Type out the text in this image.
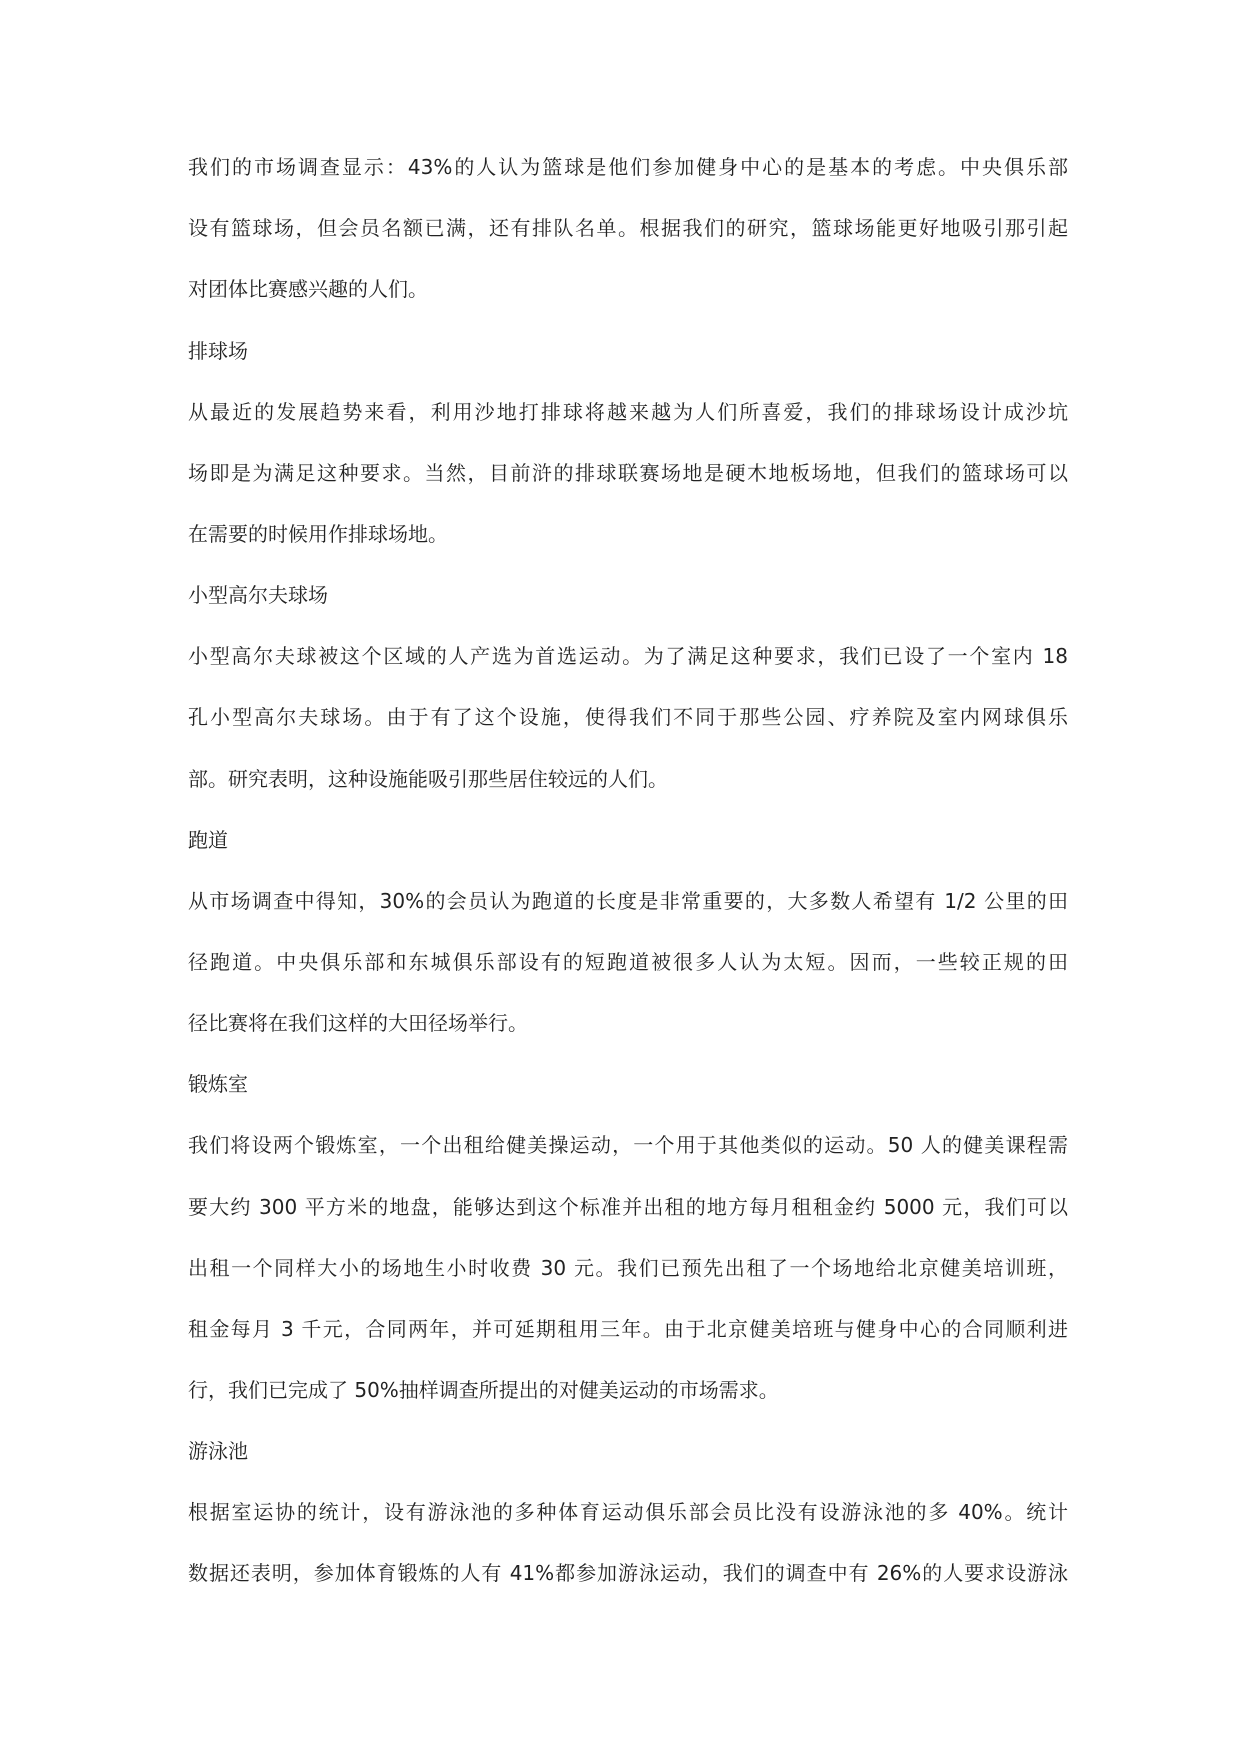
我们的市场调查显示：43%的人认为篮球是他们参加健身中心的是基本的考虑。中央俱乐部

设有篮球场，但会员名额已满，还有排队名单。根据我们的研究，篮球场能更好地吸引那引起

对团体比赛感兴趣的人们。

排球场

从最近的发展趋势来看，利用沙地打排球将越来越为人们所喜爱，我们的排球场设计成沙坑

场即是为满足这种要求。当然，目前浒的排球联赛场地是硬木地板场地，但我们的篮球场可以

在需要的时候用作排球场地。

小型高尔夫球场

小型高尔夫球被这个区域的人产选为首选运动。为了满足这种要求，我们已设了一个室内 18

孔小型高尔夫球场。由于有了这个设施，使得我们不同于那些公园、疗养院及室内网球俱乐

部。研究表明，这种设施能吸引那些居住较远的人们。

跑道

从市场调查中得知，30%的会员认为跑道的长度是非常重要的，大多数人希望有 1/2 公里的田

径跑道。中央俱乐部和东城俱乐部设有的短跑道被很多人认为太短。因而，一些较正规的田

径比赛将在我们这样的大田径场举行。

锻炼室

我们将设两个锻炼室，一个出租给健美操运动，一个用于其他类似的运动。50 人的健美课程需

要大约 300 平方米的地盘，能够达到这个标准并出租的地方每月租租金约 5000 元，我们可以

出租一个同样大小的场地生小时收费 30 元。我们已预先出租了一个场地给北京健美培训班，

租金每月 3 千元，合同两年，并可延期租用三年。由于北京健美培班与健身中心的合同顺利进

行，我们已完成了 50%抽样调查所提出的对健美运动的市场需求。

游泳池

根据室运协的统计，设有游泳池的多种体育运动俱乐部会员比没有设游泳池的多 40%。统计

数据还表明，参加体育锻炼的人有 41%都参加游泳运动，我们的调查中有 26%的人要求设游泳
